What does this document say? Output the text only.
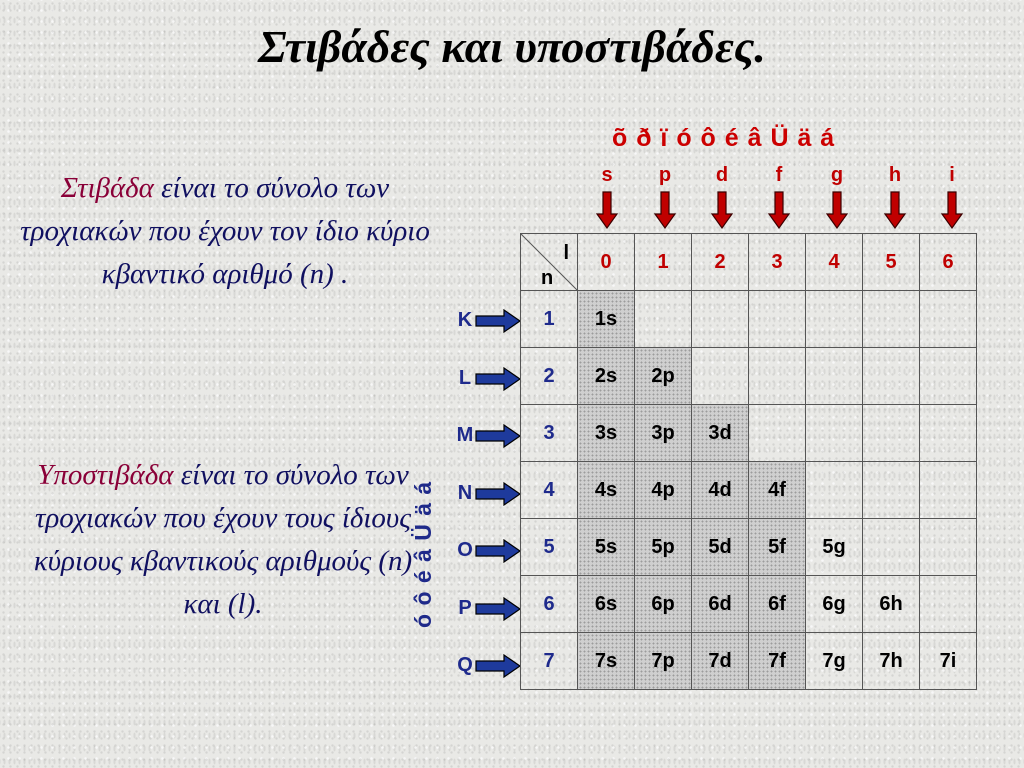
Στιβάδες και υποστιβάδες.
Στιβάδα είναι το σύνολο των τροχιακών που έχουν τον ίδιο κύριο κβαντικό αριθμό (n) .
Υποστιβάδα είναι το σύνολο των τροχιακών που έχουν τους ίδιους κύριους κβαντικούς αριθμούς (n) και (l).
õ ð ï ó ô é â Ü ä á
ó ô é â Ü ä á
s	p	d	f	g	h	i
K
L
M
N
O
P
Q
l
n	0	1	2	3	4	5	6
1	1s						
2	2s	2p					
3	3s	3p	3d				
4	4s	4p	4d	4f			
5	5s	5p	5d	5f	5g		
6	6s	6p	6d	6f	6g	6h	
7	7s	7p	7d	7f	7g	7h	7i
